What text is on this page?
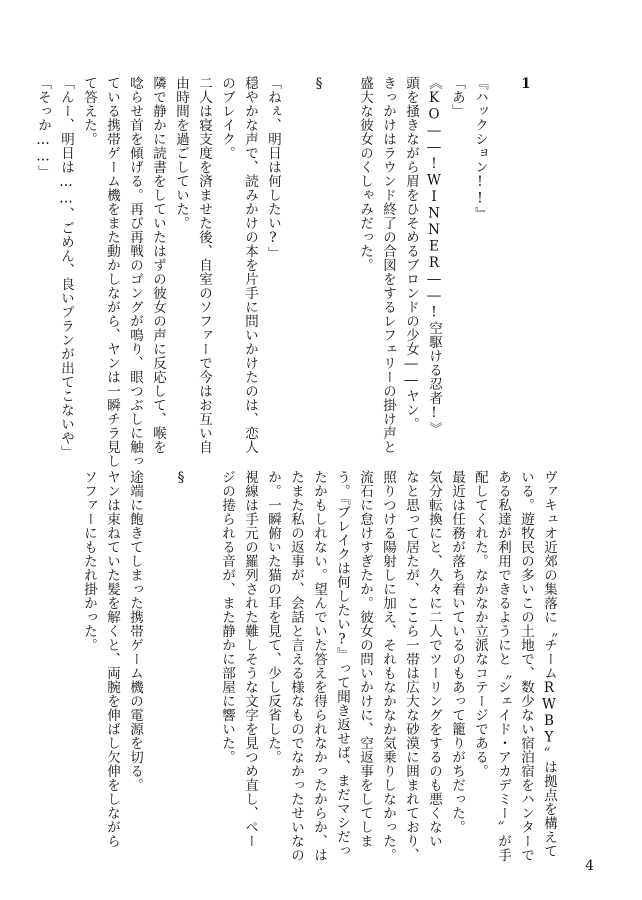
1
『ハックション!!』
「あ」
《KO――!WINNER――!空駆ける忍者!》
頭を掻きながら眉をひそめるブロンドの少女――ヤン。
きっかけはラウンド終了の合図をするレフェリーの掛け声と
盛大な彼女のくしゃみだった。
§
「ねぇ、明日は何したい?」
穏やかな声で、読みかけの本を片手に問いかけたのは、恋人
のブレイク。
二人は寝支度を済ませた後、自室のソファーで今はお互い自
由時間を過ごしていた。
隣で静かに読書をしていたはずの彼女の声に反応して、喉を
唸らせ首を傾げる。再び再戦のゴングが鳴り、眼つぶしに触っ
ている携帯ゲーム機をまた動かしながら、ヤンは一瞬チラ見し
て答えた。
「んー、明日は……、ごめん、良いプランが出てこないや」
「そっか……」
ヴァキュオ近郊の集落に〝チームRWBY〟は拠点を構えて
いる。遊牧民の多いこの土地で、数少ない宿泊宿をハンターで
ある私達が利用できるようにと〝シェイド・アカデミー〟が手
配してくれた。なかなか立派なコテージである。
最近は任務が落ち着いているのもあって籠りがちだった。
気分転換にと、久々に二人でツーリングをするのも悪くない
なと思って居たが、ここら一帯は広大な砂漠に囲まれており、
照りつける陽射しに加え、それもなかなか気乗りしなかった。
流石に怠けすぎたか。彼女の問いかけに、空返事をしてしま
う。『ブレイクは何したい?』って聞き返せば、まだマシだっ
たかもしれない。望んでいた答えを得られなかったからか、は
たまた私の返事が、会話と言える様なものでなかったせいなの
か。一瞬俯いた猫の耳を見て、少し反省した。
視線は手元の羅列された難しそうな文字を見つめ直し、ペー
ジの捲られる音が、また静かに部屋に響いた。
§
途端に飽きてしまった携帯ゲーム機の電源を切る。
ヤンは束ねていた髪を解くと、両腕を伸ばし欠伸をしながら
ソファーにもたれ掛かった。
4
